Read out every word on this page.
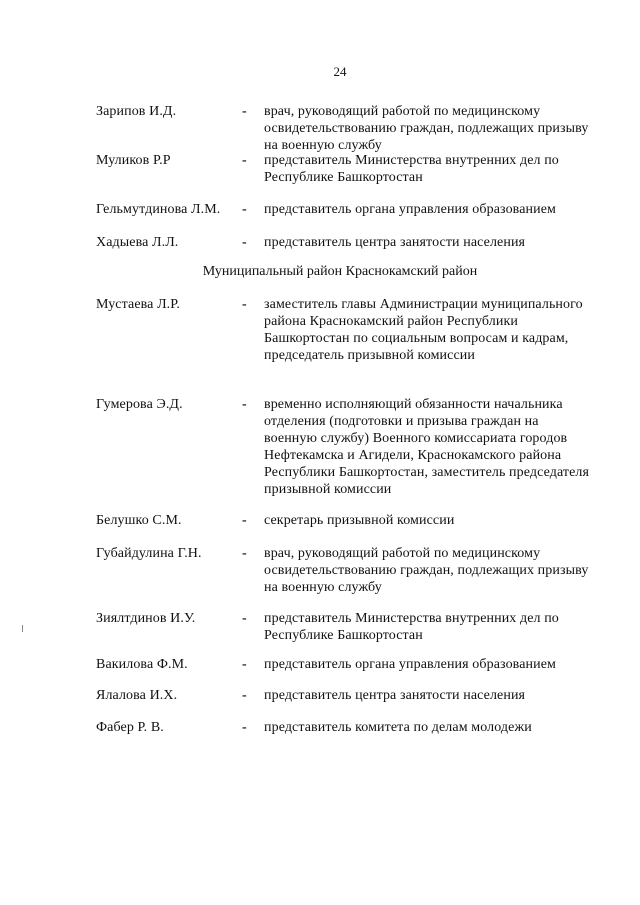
24
Зарипов И.Д.	- врач, руководящий работой по медицинскому освидетельствованию граждан, подлежащих призыву на военную службу
Муликов Р.Р	- представитель Министерства внутренних дел по Республике Башкортостан
Гельмутдинова Л.М. - представитель органа управления образованием
Хадыева Л.Л.	- представитель центра занятости населения
Муниципальный район Краснокамский район
Мустаева Л.Р.	- заместитель главы Администрации муниципального района Краснокамский район Республики Башкортостан по социальным вопросам и кадрам, председатель призывной комиссии
Гумерова Э.Д.	- временно исполняющий обязанности начальника отделения (подготовки и призыва граждан на военную службу) Военного комиссариата городов Нефтекамска и Агидели, Краснокамского района Республики Башкортостан, заместитель председателя призывной комиссии
Белушко С.М.	- секретарь призывной комиссии
Губайдулина Г.Н.	- врач, руководящий работой по медицинскому освидетельствованию граждан, подлежащих призыву на военную службу
Зиялтдинов И.У.	- представитель Министерства внутренних дел по Республике Башкортостан
Вакилова Ф.М.	- представитель органа управления образованием
Ялалова И.Х.	- представитель центра занятости населения
Фабер Р. В.	- представитель комитета по делам молодежи
